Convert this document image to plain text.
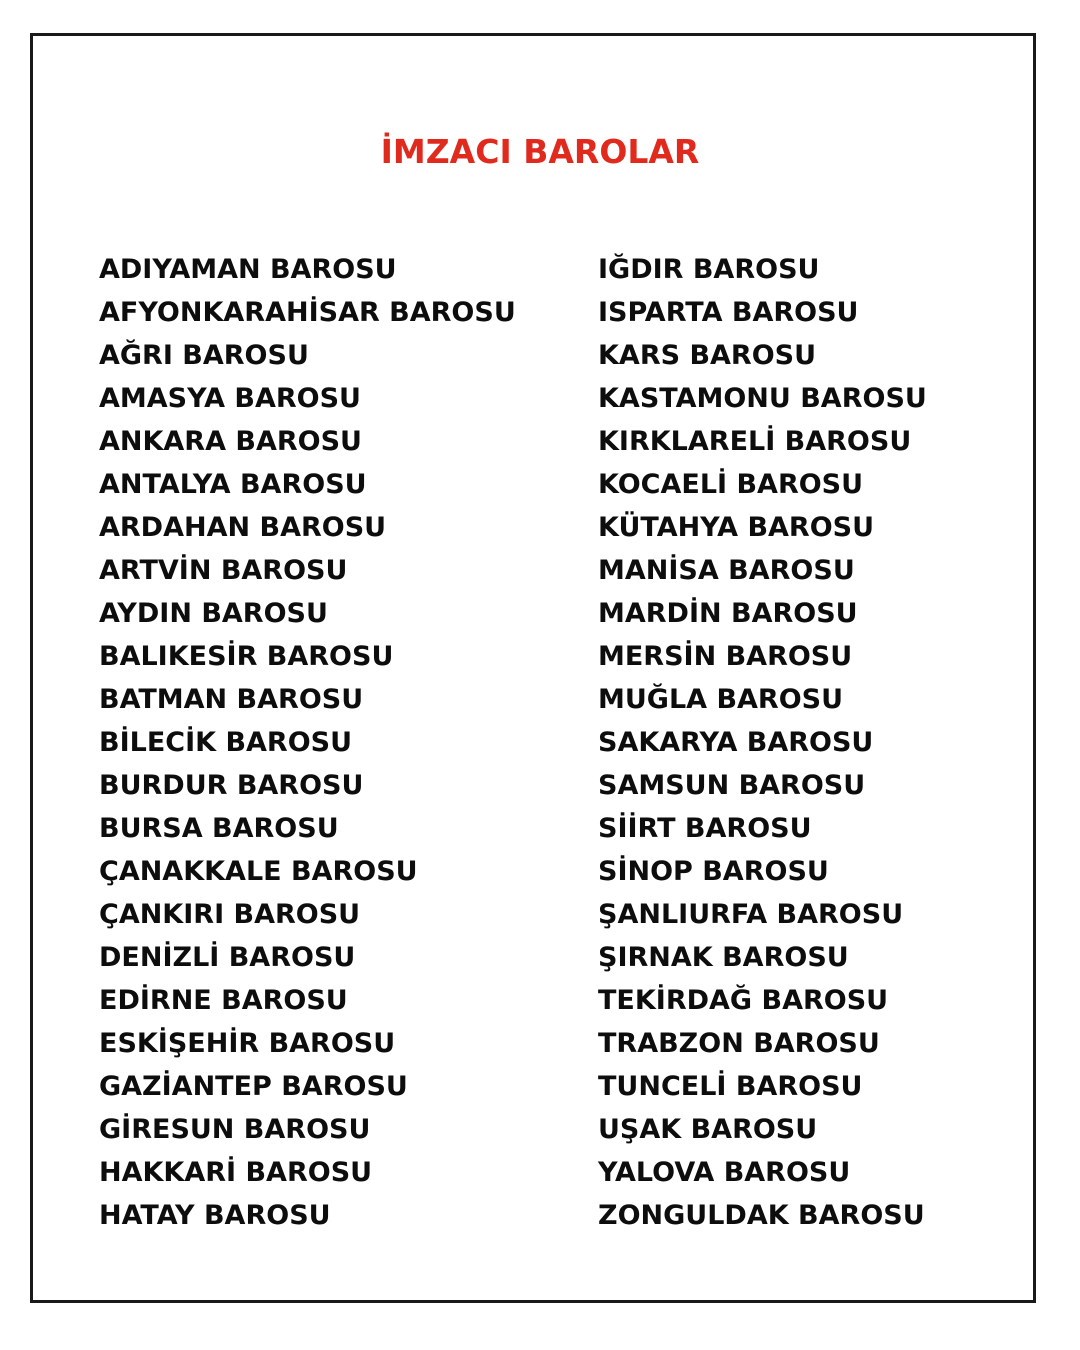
İMZACI BAROLAR
ADIYAMAN BAROSU
AFYONKARAHİSAR BAROSU
AĞRI BAROSU
AMASYA BAROSU
ANKARA BAROSU
ANTALYA BAROSU
ARDAHAN BAROSU
ARTVİN BAROSU
AYDIN BAROSU
BALIKESİR BAROSU
BATMAN BAROSU
BİLECİK BAROSU
BURDUR BAROSU
BURSA BAROSU
ÇANAKKALE BAROSU
ÇANKIRI BAROSU
DENİZLİ BAROSU
EDİRNE BAROSU
ESKİŞEHİR BAROSU
GAZİANTEP BAROSU
GİRESUN BAROSU
HAKKARİ BAROSU
HATAY BAROSU
IĞDIR BAROSU
ISPARTA BAROSU
KARS BAROSU
KASTAMONU BAROSU
KIRKLARELİ BAROSU
KOCAELİ BAROSU
KÜTAHYA BAROSU
MANİSA BAROSU
MARDİN BAROSU
MERSİN BAROSU
MUĞLA BAROSU
SAKARYA BAROSU
SAMSUN BAROSU
SİİRT BAROSU
SİNOP BAROSU
ŞANLIURFA BAROSU
ŞIRNAK BAROSU
TEKİRDAĞ BAROSU
TRABZON BAROSU
TUNCELİ BAROSU
UŞAK BAROSU
YALOVA BAROSU
ZONGULDAK BAROSU
